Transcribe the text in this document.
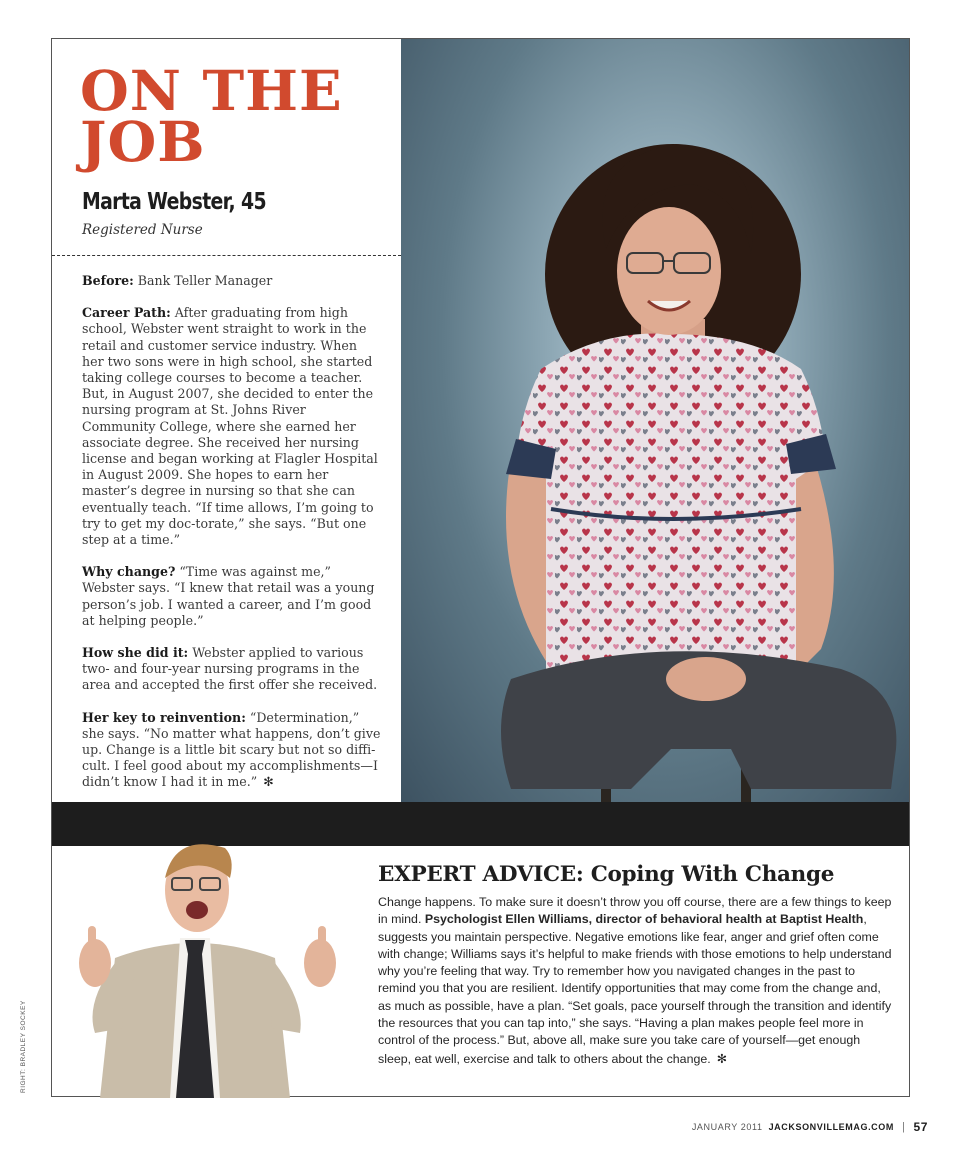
ON THE
JOB
Marta Webster, 45
Registered Nurse

Before: Bank Teller Manager

Career Path: After graduating from high school, Webster went straight to work in the retail and customer service industry. When her two sons were in high school, she started taking college courses to become a teacher. But, in August 2007, she decided to enter the nursing program at St. Johns River Community College, where she earned her associate degree. She received her nursing license and began working at Flagler Hospital in August 2009. She hopes to earn her master’s degree in nursing so that she can eventually teach. “If time allows, I’m going to try to get my doc-torate,” she says. “But one step at a time.”

Why change? “Time was against me,” Webster says. “I knew that retail was a young person’s job. I wanted a career, and I’m good at helping people.”

How she did it: Webster applied to various two- and four-year nursing programs in the area and accepted the first offer she received.

Her key to reinvention: “Determination,” she says. “No matter what happens, don’t give up. Change is a little bit scary but not so diffi-cult. I feel good about my accomplishments—I didn’t know I had it in me.” ✻

EXPERT ADVICE: Coping With Change
Change happens. To make sure it doesn’t throw you off course, there are a few things to keep in mind. Psychologist Ellen Williams, director of behavioral health at Baptist Health, suggests you maintain perspective. Negative emotions like fear, anger and grief often come with change; Williams says it’s helpful to make friends with those emotions to help understand why you’re feeling that way. Try to remember how you navigated changes in the past to remind you that you are resilient. Identify opportunities that may come from the change and, as much as possible, have a plan. “Set goals, pace yourself through the transition and identify the resources that you can tap into,” she says. “Having a plan makes people feel more in control of the process.” But, above all, make sure you take care of yourself—get enough sleep, eat well, exercise and talk to others about the change. ✻
RIGHT: BRADLEY SOCKEY
JANUARY 2011 JACKSONVILLEMAG.COM | 57
